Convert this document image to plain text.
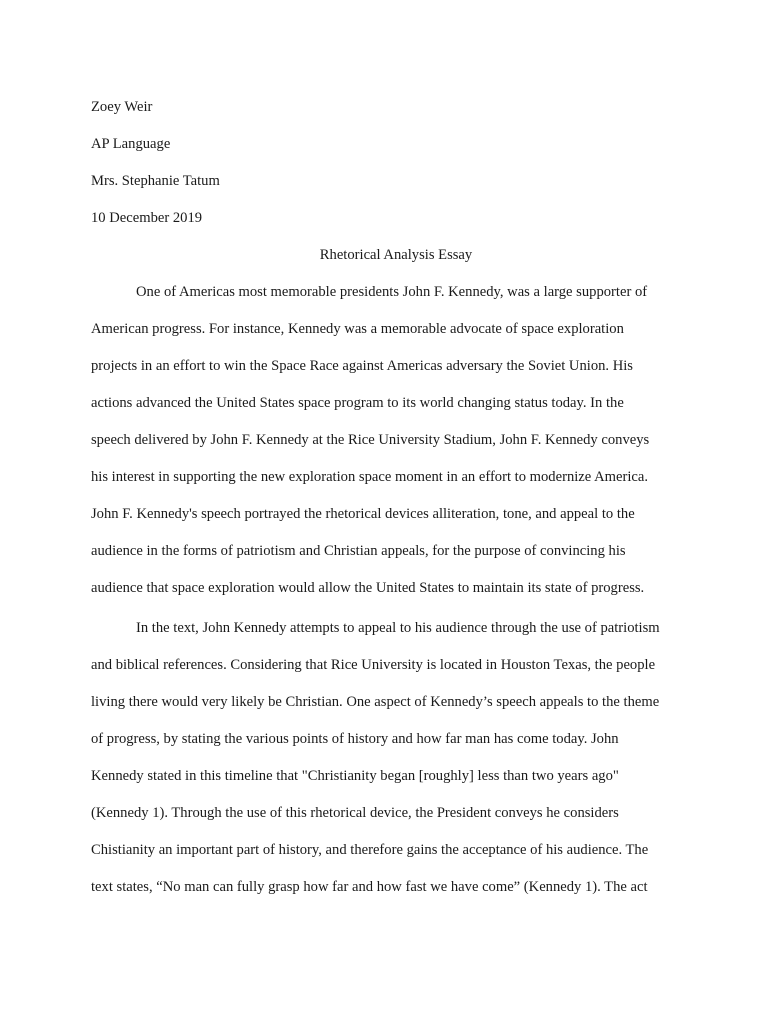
Zoey Weir
AP Language
Mrs. Stephanie Tatum
10 December 2019
Rhetorical Analysis Essay
One of Americas most memorable presidents John F. Kennedy, was a large supporter of
American progress. For instance, Kennedy was a memorable advocate of space exploration
projects in an effort to win the Space Race against Americas adversary the Soviet Union. His
actions advanced the United States space program to its world changing status today. In the
speech delivered by John F. Kennedy at the Rice University Stadium, John F. Kennedy conveys
his interest in supporting the new exploration space moment in an effort to modernize America.
John F. Kennedy's speech portrayed the rhetorical devices alliteration, tone, and appeal to the
audience in the forms of patriotism and Christian appeals, for the purpose of convincing his
audience that space exploration would allow the United States to maintain its state of progress.
In the text, John Kennedy attempts to appeal to his audience through the use of patriotism
and biblical references. Considering that Rice University is located in Houston Texas, the people
living there would very likely be Christian. One aspect of Kennedy’s speech appeals to the theme
of progress, by stating the various points of history and how far man has come today. John
Kennedy stated in this timeline that "Christianity began [roughly] less than two years ago"
(Kennedy 1). Through the use of this rhetorical device, the President conveys he considers
Chistianity an important part of history, and therefore gains the acceptance of his audience. The
text states, “No man can fully grasp how far and how fast we have come” (Kennedy 1). The act
